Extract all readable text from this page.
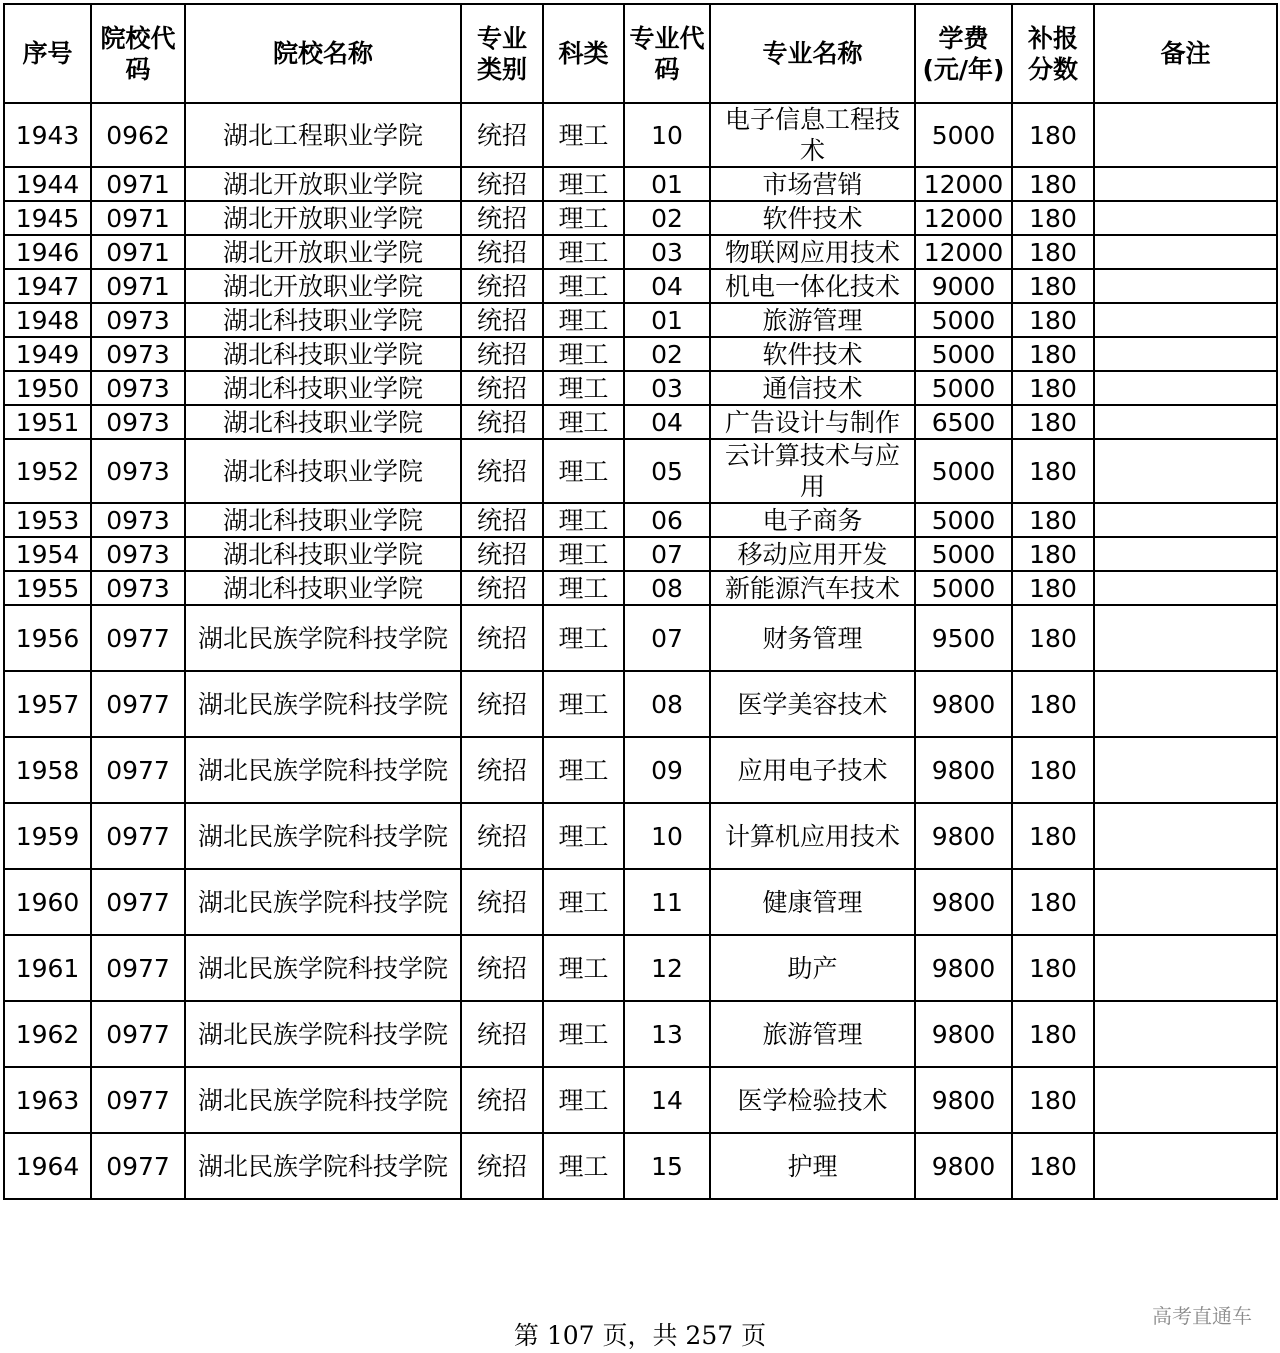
序号	院校代码	院校名称	专业类别	科类	专业代码	专业名称	学费(元/年)	补报分数	备注
1943	0962	湖北工程职业学院	统招	理工	10	电子信息工程技术	5000	180	
1944	0971	湖北开放职业学院	统招	理工	01	市场营销	12000	180	
1945	0971	湖北开放职业学院	统招	理工	02	软件技术	12000	180	
1946	0971	湖北开放职业学院	统招	理工	03	物联网应用技术	12000	180	
1947	0971	湖北开放职业学院	统招	理工	04	机电一体化技术	9000	180	
1948	0973	湖北科技职业学院	统招	理工	01	旅游管理	5000	180	
1949	0973	湖北科技职业学院	统招	理工	02	软件技术	5000	180	
1950	0973	湖北科技职业学院	统招	理工	03	通信技术	5000	180	
1951	0973	湖北科技职业学院	统招	理工	04	广告设计与制作	6500	180	
1952	0973	湖北科技职业学院	统招	理工	05	云计算技术与应用	5000	180	
1953	0973	湖北科技职业学院	统招	理工	06	电子商务	5000	180	
1954	0973	湖北科技职业学院	统招	理工	07	移动应用开发	5000	180	
1955	0973	湖北科技职业学院	统招	理工	08	新能源汽车技术	5000	180	
1956	0977	湖北民族学院科技学院	统招	理工	07	财务管理	9500	180	
1957	0977	湖北民族学院科技学院	统招	理工	08	医学美容技术	9800	180	
1958	0977	湖北民族学院科技学院	统招	理工	09	应用电子技术	9800	180	
1959	0977	湖北民族学院科技学院	统招	理工	10	计算机应用技术	9800	180	
1960	0977	湖北民族学院科技学院	统招	理工	11	健康管理	9800	180	
1961	0977	湖北民族学院科技学院	统招	理工	12	助产	9800	180	
1962	0977	湖北民族学院科技学院	统招	理工	13	旅游管理	9800	180	
1963	0977	湖北民族学院科技学院	统招	理工	14	医学检验技术	9800	180	
1964	0977	湖北民族学院科技学院	统招	理工	15	护理	9800	180	
第 107 页，共 257 页
高考直通车
